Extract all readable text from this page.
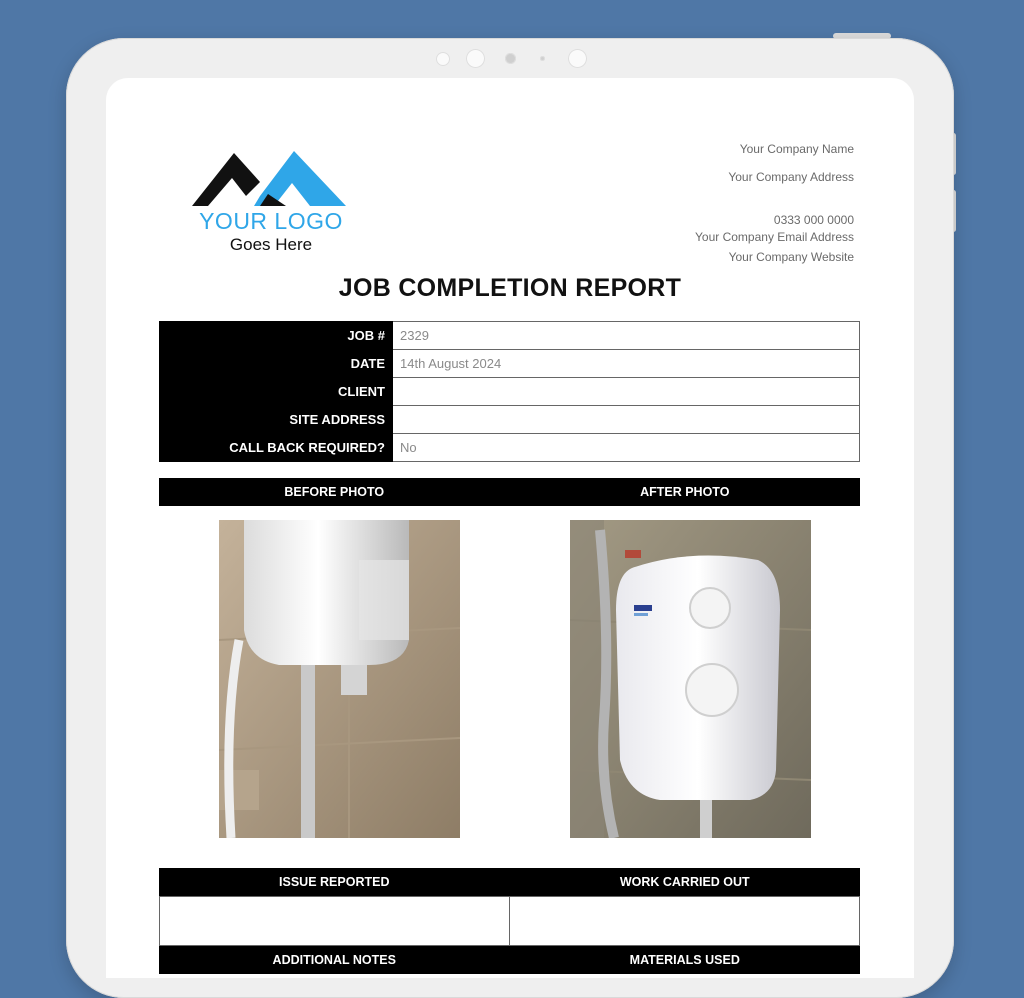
YOUR LOGO
Goes Here
Your Company Name
Your Company Address
0333 000 0000
Your Company Email Address
Your Company Website
JOB COMPLETION REPORT
JOB #	2329
DATE	14th August 2024
CLIENT	
SITE ADDRESS	
CALL BACK REQUIRED?	No
BEFORE PHOTO	AFTER PHOTO
ISSUE REPORTED	WORK CARRIED OUT
ADDITIONAL NOTES	MATERIALS USED
